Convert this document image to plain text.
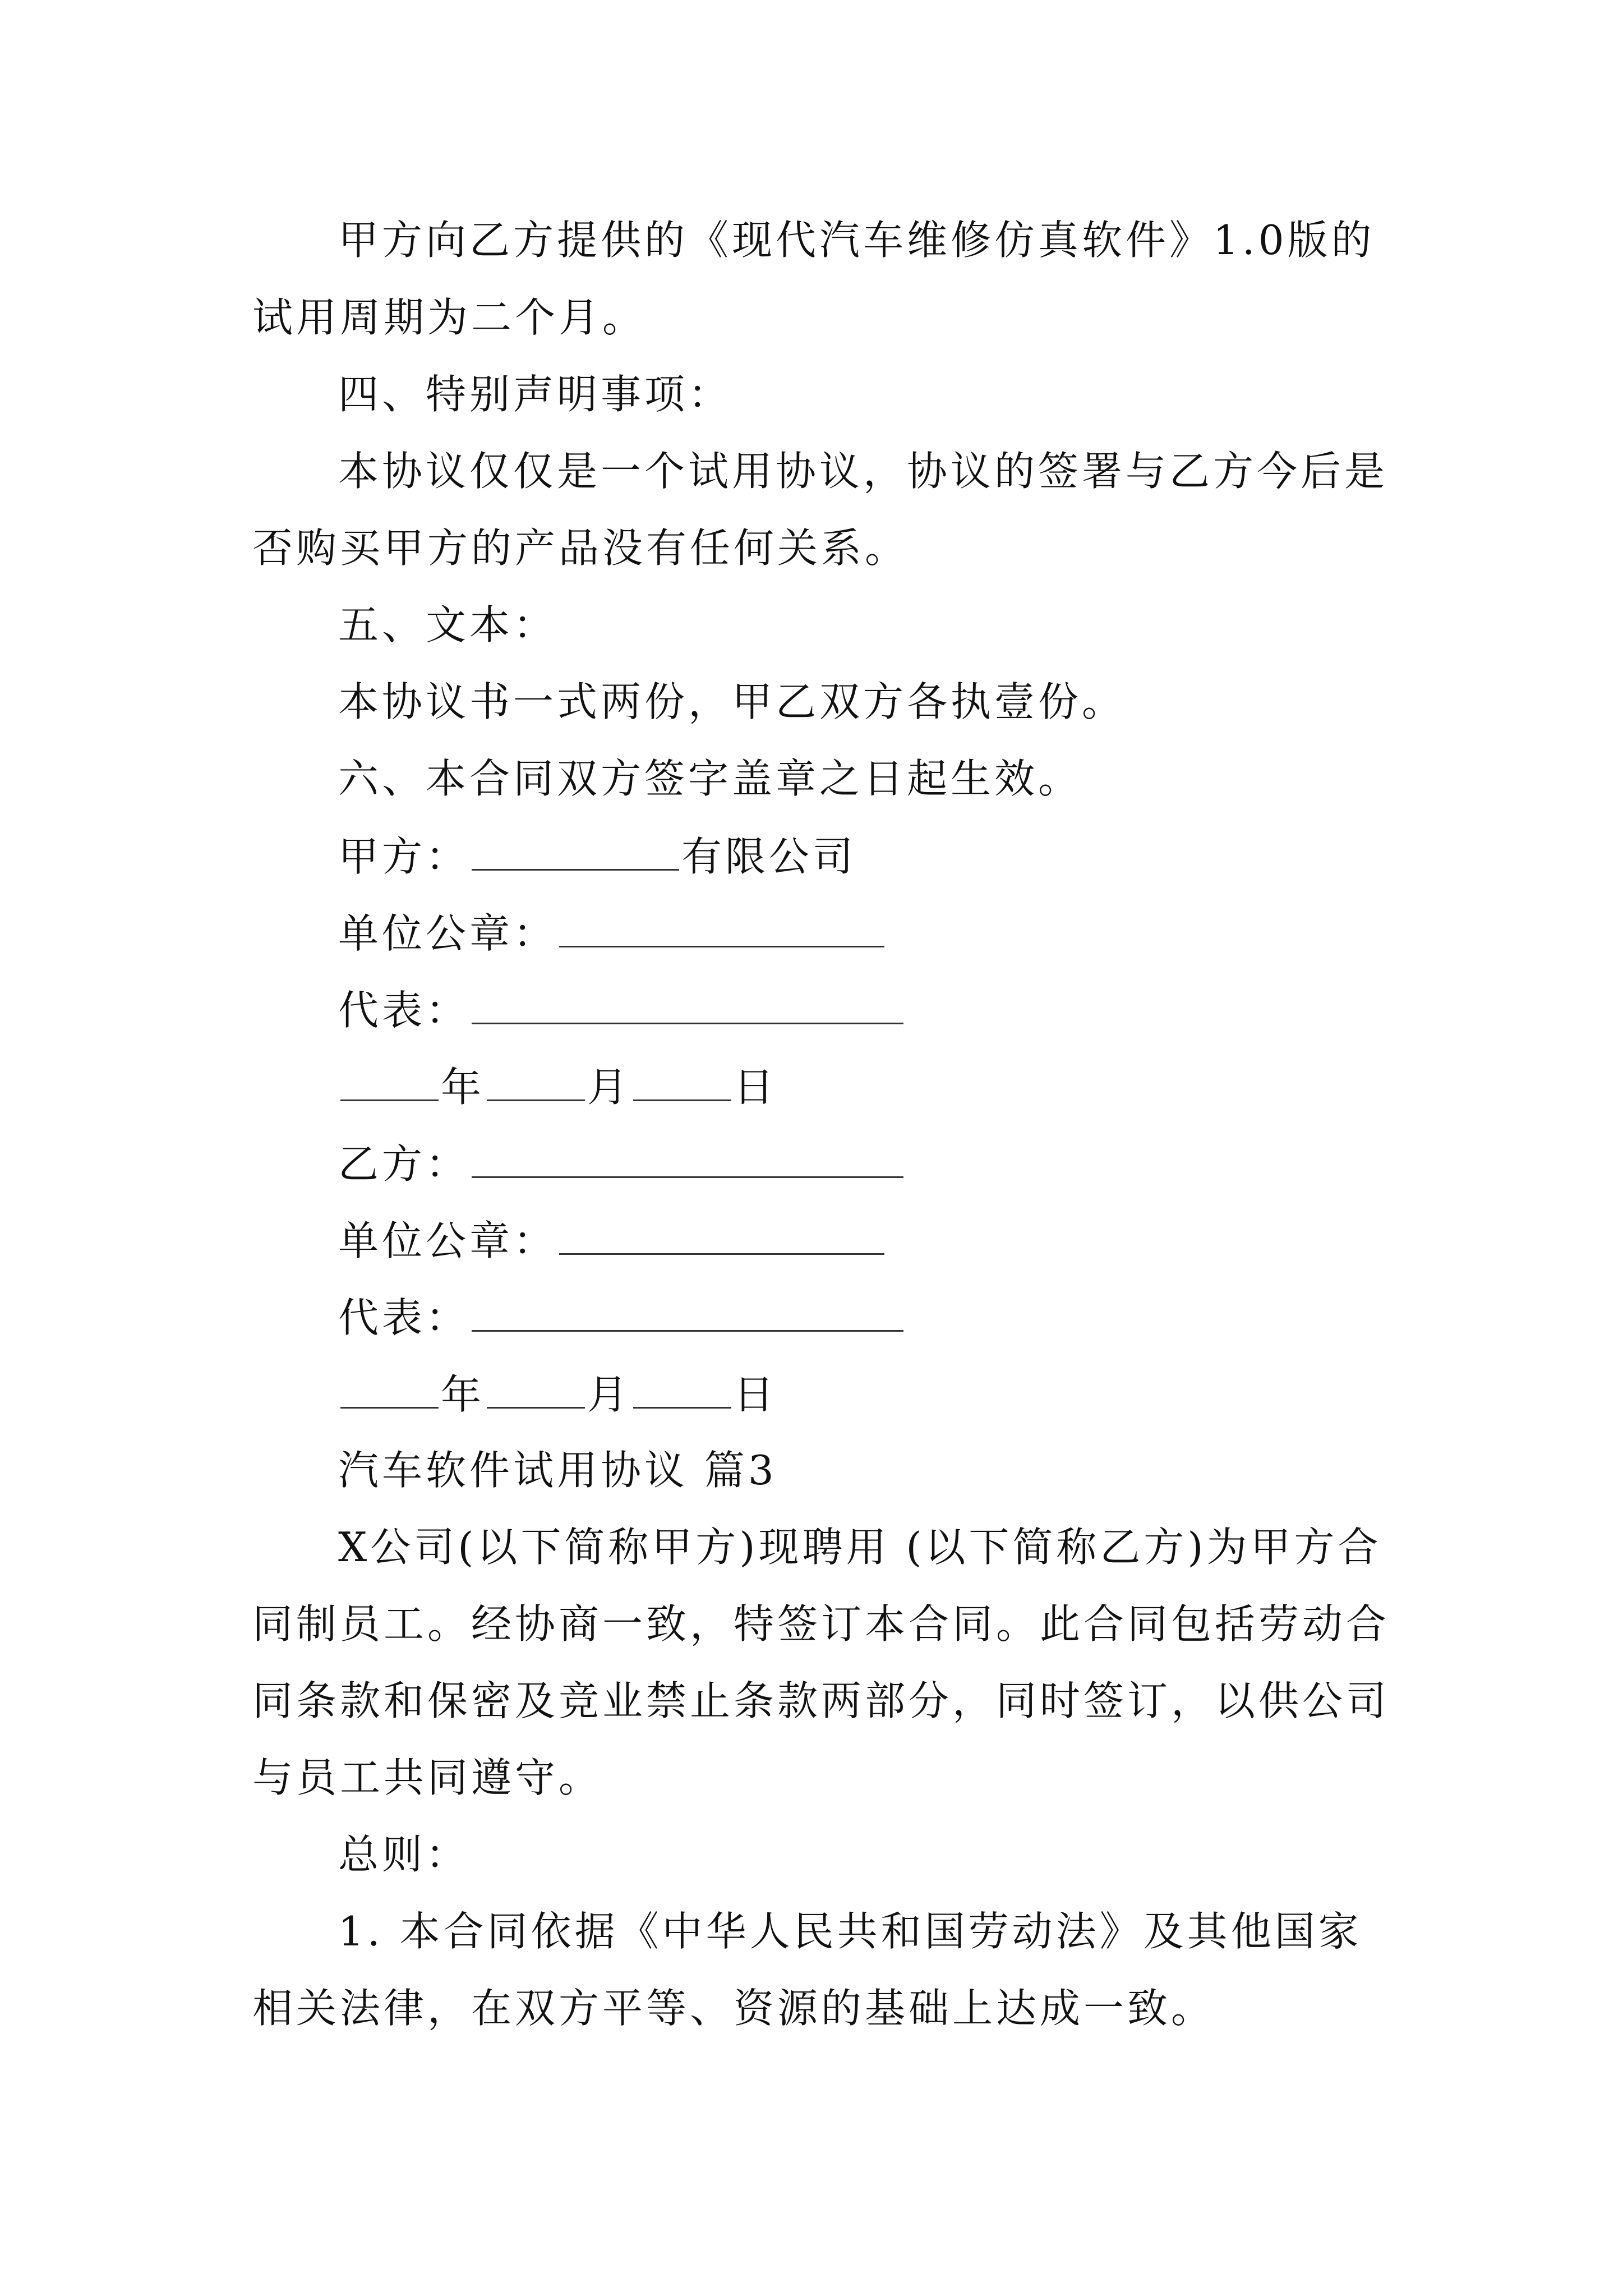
甲方向乙方提供的《现代汽车维修仿真软件》1.0版的
试用周期为二个月。
四、特别声明事项：
本协议仅仅是一个试用协议，协议的签署与乙方今后是
否购买甲方的产品没有任何关系。
五、文本：
本协议书一式两份，甲乙双方各执壹份。
六、本合同双方签字盖章之日起生效。
甲方：	有限公司
单位公章：
代表：
年	月	日
乙方：
单位公章：
代表：
年	月	日
汽车软件试用协议 篇3
X公司(以下简称甲方)现聘用 (以下简称乙方)为甲方合
同制员工。经协商一致，特签订本合同。此合同包括劳动合
同条款和保密及竞业禁止条款两部分，同时签订，以供公司
与员工共同遵守。
总则：
1. 本合同依据《中华人民共和国劳动法》及其他国家
相关法律，在双方平等、资源的基础上达成一致。
